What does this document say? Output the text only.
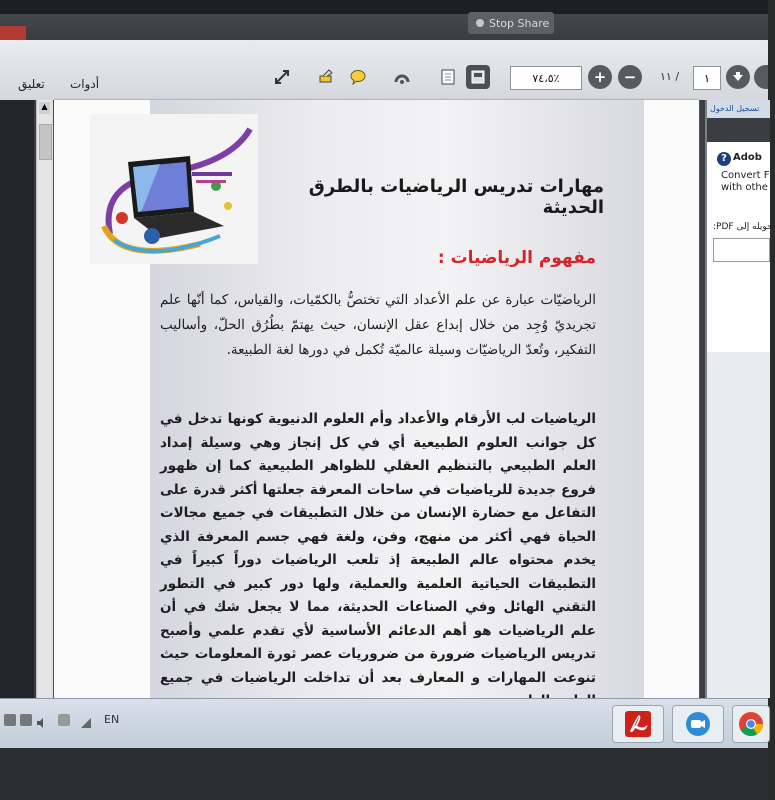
Stop Share
تعليق أدوات	٧٤،٥٪	+	−	١١ /	١
▲
مهارات تدريس الرياضيات بالطرق الحديثة
مفهوم الرياضيات :
الرياضيّات عبارة عن علم الأعداد التي تختصُّ بالكمّيات، والقياس، كما أنّها علم تجريديّ وُجِد من خلال إبداع عقل الإنسان، حيث يهتمّ بطُرُق الحلّ، وأساليب التفكير، وتُعدّ الرياضيّات وسيلة عالميّة تُكمل في دورها لغة الطبيعة.
الرياضيات لب الأرقام والأعداد وأم العلوم الدنيوية كونها تدخل في كل جوانب العلوم الطبيعية أي في كل إنجاز وهي وسيلة إمداد العلم الطبيعي بالتنظيم العقلي للظواهر الطبيعية كما إن ظهور فروع جديدة للرياضيات في ساحات المعرفة جعلتها أكثر قدرة على التفاعل مع حضارة الإنسان من خلال التطبيقات في جميع مجالات الحياة فهي أكثر من منهج، وفن، ولغة فهي جسم المعرفة الذي يخدم محتواه عالم الطبيعة إذ تلعب الرياضيات دوراً كبيراً في التطبيقات الحياتية العلمية والعملية، ولها دور كبير في التطور التقني الهائل وفي الصناعات الحديثة، مما لا يجعل شك في أن علم الرياضيات هو أهم الدعائم الأساسية لأي تقدم علمي وأصبح تدريس الرياضيات ضرورة من ضروريات عصر ثورة المعلومات حيث تنوعت المهارات و المعارف بعد أن تداخلت الرياضيات في جميع
تسجيل الدخول
? Adob
Convert F
with othe
تحويله إلى PDF:
EN
